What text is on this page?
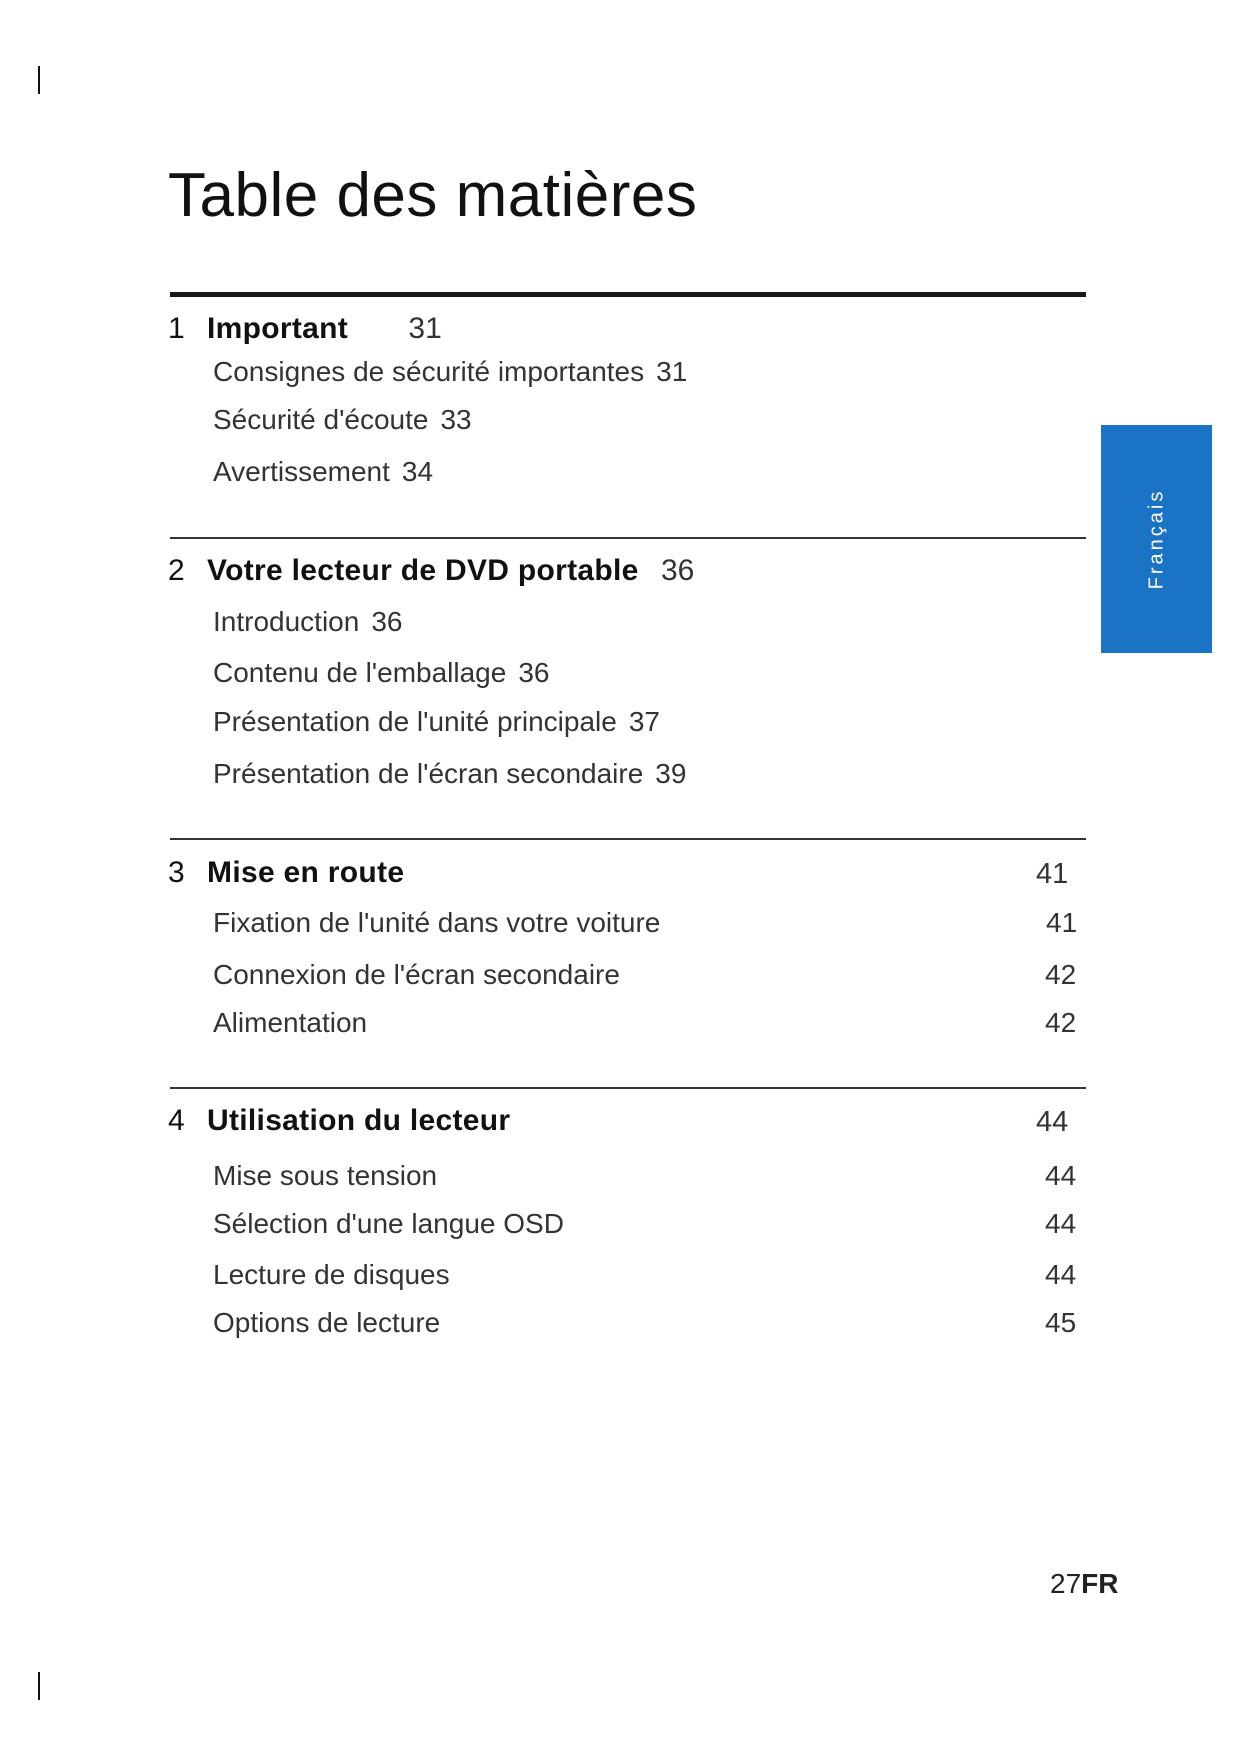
Table des matières
1 Important 31
Consignes de sécurité importantes 31
Sécurité d'écoute 33
Avertissement 34
2 Votre lecteur de DVD portable 36
Introduction 36
Contenu de l'emballage 36
Présentation de l'unité principale 37
Présentation de l'écran secondaire 39
3 Mise en route	41
Fixation de l'unité dans votre voiture	41
Connexion de l'écran secondaire	42
Alimentation	42
4 Utilisation du lecteur	44
Mise sous tension	44
Sélection d'une langue OSD	44
Lecture de disques	44
Options de lecture	45
Français
27FR
